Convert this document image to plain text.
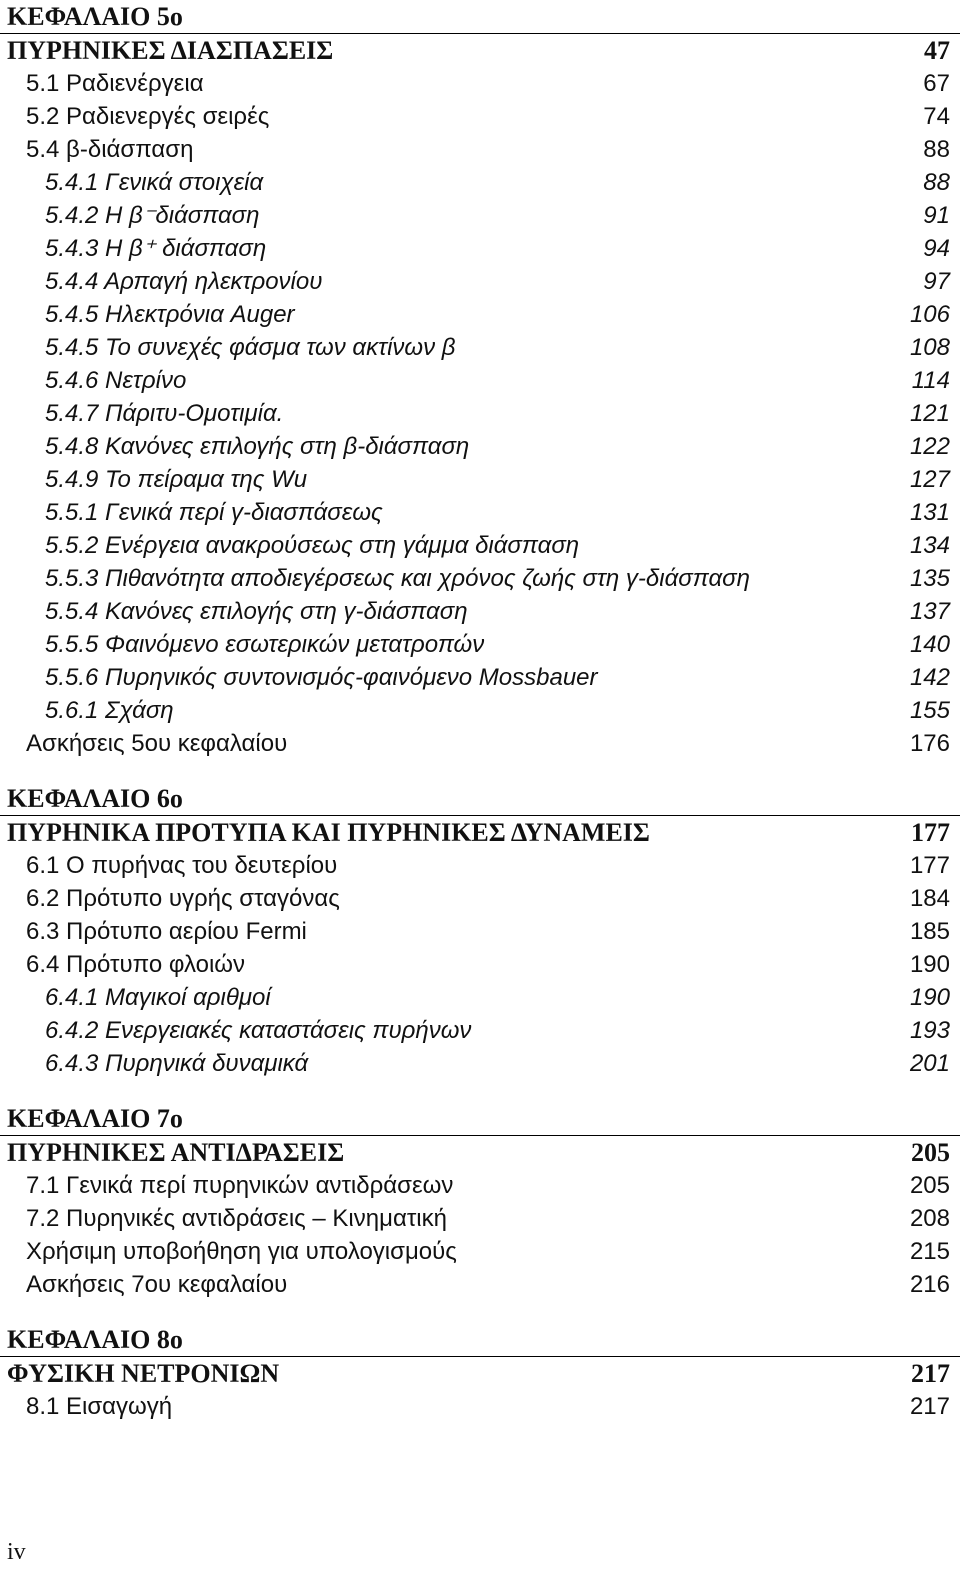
ΚΕΦΑΛΑΙΟ 5ο
ΠΥΡΗΝΙΚΕΣ ΔΙΑΣΠΑΣΕΙΣ	47
5.1 Ραδιενέργεια	67
5.2 Ραδιενεργές σειρές	74
5.4 β-διάσπαση	88
5.4.1 Γενικά στοιχεία	88
5.4.2 Η β⁻διάσπαση	91
5.4.3 Η β⁺ διάσπαση	94
5.4.4 Αρπαγή ηλεκτρονίου	97
5.4.5 Ηλεκτρόνια Auger	106
5.4.5 Το συνεχές φάσμα των ακτίνων β	108
5.4.6 Νετρίνο	114
5.4.7 Πάριτυ-Ομοτιμία.	121
5.4.8 Κανόνες επιλογής στη β-διάσπαση	122
5.4.9 Το πείραμα της Wu	127
5.5.1 Γενικά περί γ-διασπάσεως	131
5.5.2 Ενέργεια ανακρούσεως στη γάμμα διάσπαση	134
5.5.3 Πιθανότητα αποδιεγέρσεως και χρόνος ζωής στη γ-διάσπαση	135
5.5.4 Κανόνες επιλογής στη γ-διάσπαση	137
5.5.5 Φαινόμενο εσωτερικών μετατροπών	140
5.5.6 Πυρηνικός συντονισμός-φαινόμενο Mossbauer	142
5.6.1 Σχάση	155
Ασκήσεις 5ου κεφαλαίου	176
ΚΕΦΑΛΑΙΟ 6ο
ΠΥΡΗΝΙΚΑ ΠΡΟΤΥΠΑ ΚΑΙ ΠΥΡΗΝΙΚΕΣ ΔΥΝΑΜΕΙΣ	177
6.1 Ο πυρήνας του δευτερίου	177
6.2 Πρότυπο υγρής σταγόνας	184
6.3 Πρότυπο αερίου Fermi	185
6.4 Πρότυπο φλοιών	190
6.4.1 Μαγικοί αριθμοί	190
6.4.2 Ενεργειακές καταστάσεις πυρήνων	193
6.4.3 Πυρηνικά δυναμικά	201
ΚΕΦΑΛΑΙΟ 7ο
ΠΥΡΗΝΙΚΕΣ ΑΝΤΙΔΡΑΣΕΙΣ	205
7.1 Γενικά περί πυρηνικών αντιδράσεων	205
7.2 Πυρηνικές αντιδράσεις – Κινηματική	208
Χρήσιμη υποβοήθηση για υπολογισμούς	215
Ασκήσεις 7ου κεφαλαίου	216
ΚΕΦΑΛΑΙΟ 8ο
ΦΥΣΙΚΗ ΝΕΤΡΟΝΙΩΝ	217
8.1 Εισαγωγή	217
iv
